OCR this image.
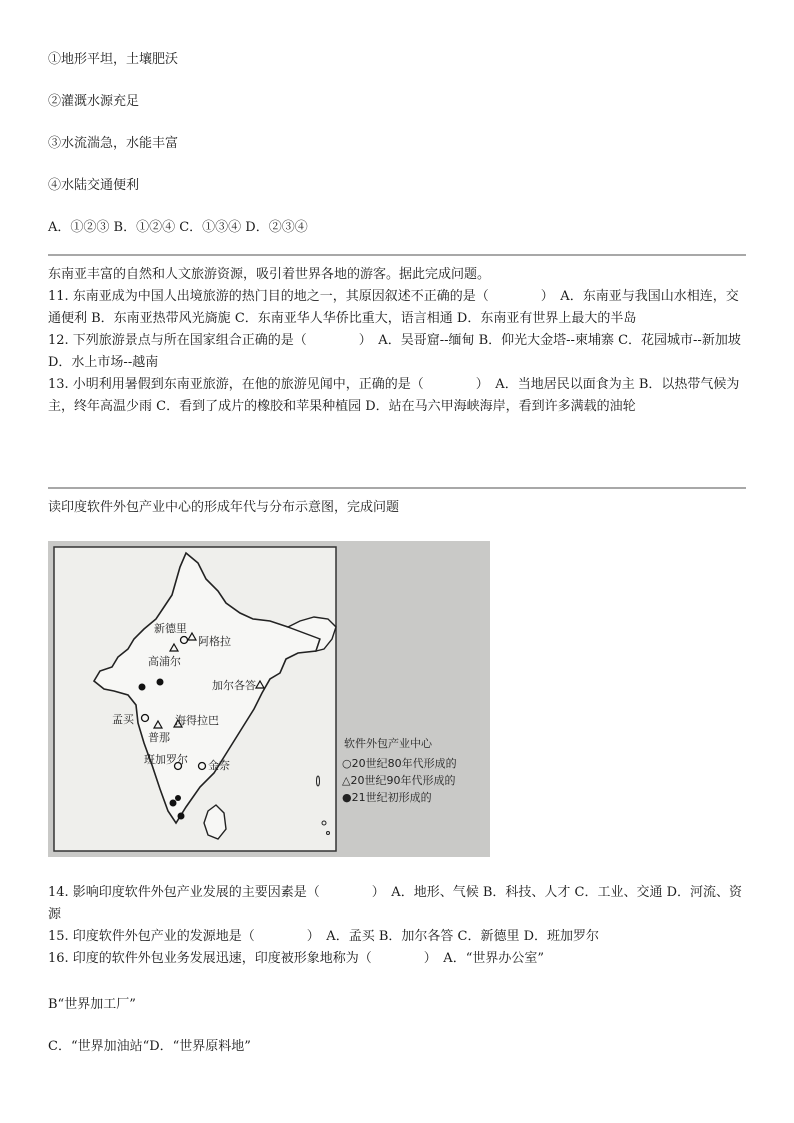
①地形平坦，土壤肥沃
②灌溉水源充足
③水流湍急，水能丰富
④水陆交通便利
A．①②③ B．①②④ C．①③④ D．②③④

东南亚丰富的自然和人文旅游资源，吸引着世界各地的游客。据此完成问题。

11. 东南亚成为中国人出境旅游的热门目的地之一，其原因叙述不正确的是（　　　　）　A．东南亚与我国山水相连，交通便利 B．东南亚热带风光旖旎 C．东南亚华人华侨比重大，语言相通 D．东南亚有世界上最大的半岛

12. 下列旅游景点与所在国家组合正确的是（　　　　）　A．吴哥窟--缅甸 B．仰光大金塔--柬埔寨 C．花园城市--新加坡 D．水上市场--越南

13. 小明利用暑假到东南亚旅游，在他的旅游见闻中，正确的是（　　　　）　A．当地居民以面食为主 B．以热带气候为主，终年高温少雨 C．看到了成片的橡胶和苹果种植园 D．站在马六甲海峡海岸，看到许多满载的油轮

读印度软件外包产业中心的形成年代与分布示意图，完成问题
新德里
阿格拉
高浦尔
加尔各答
孟买	海得拉巴
普那
班加罗尔 金奈
软件外包产业中心
○20世纪80年代形成的
△20世纪90年代形成的
●21世纪初形成的

14. 影响印度软件外包产业发展的主要因素是（　　　　）　A．地形、气候 B．科技、人才 C．工业、交通 D．河流、资源

15. 印度软件外包产业的发源地是（　　　　）　A．孟买 B．加尔各答 C．新德里 D．班加罗尔

16. 印度的软件外包业务发展迅速，印度被形象地称为（　　　　）　A．“世界办公室”

B“世界加工厂”
C．“世界加油站“D．“世界原料地”
